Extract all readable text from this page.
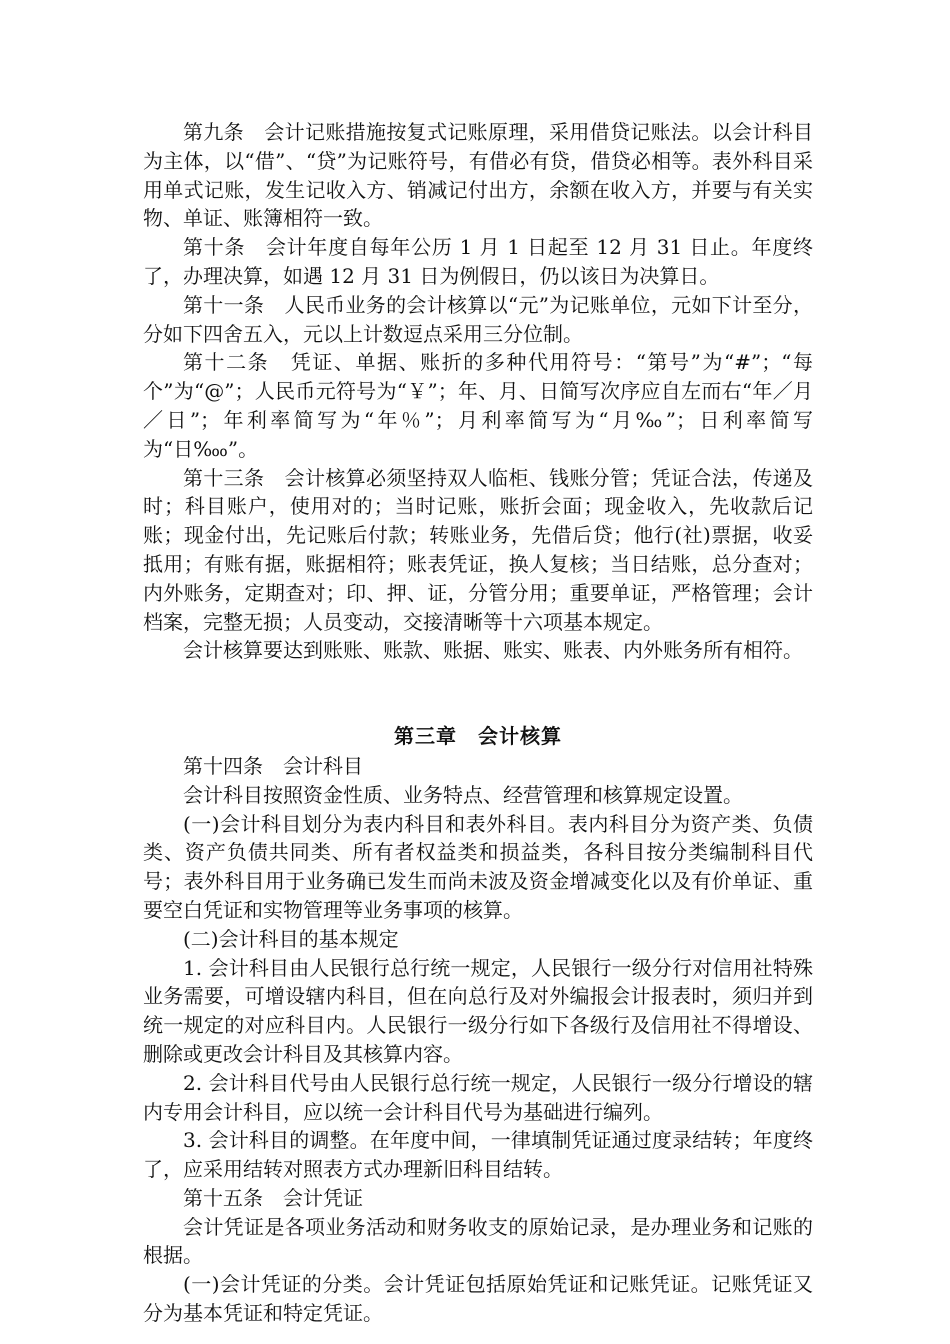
第九条　会计记账措施按复式记账原理，采用借贷记账法。以会计科目为主体，以“借”、“贷”为记账符号，有借必有贷，借贷必相等。表外科目采用单式记账，发生记收入方、销减记付出方，余额在收入方，并要与有关实物、单证、账簿相符一致。

第十条　会计年度自每年公历 1 月 1 日起至 12 月 31 日止。年度终了，办理决算，如遇 12 月 31 日为例假日，仍以该日为决算日。

第十一条　人民币业务的会计核算以“元”为记账单位，元如下计至分，分如下四舍五入，元以上计数逗点采用三分位制。

第十二条　凭证、单据、账折的多种代用符号：“第号”为“#”；“每个”为“@”；人民币元符号为“￥”；年、月、日简写次序应自左而右“年／月／日”；年利率简写为“年％”；月利率简写为“月‰”；日利率简写为“日‱”。

第十三条　会计核算必须坚持双人临柜、钱账分管；凭证合法，传递及时；科目账户，使用对的；当时记账，账折会面；现金收入，先收款后记账；现金付出，先记账后付款；转账业务，先借后贷；他行(社)票据，收妥抵用；有账有据，账据相符；账表凭证，换人复核；当日结账，总分查对；内外账务，定期查对；印、押、证，分管分用；重要单证，严格管理；会计档案，完整无损；人员变动，交接清晰等十六项基本规定。

会计核算要达到账账、账款、账据、账实、账表、内外账务所有相符。

第三章　会计核算

第十四条　会计科目

会计科目按照资金性质、业务特点、经营管理和核算规定设置。

(一)会计科目划分为表内科目和表外科目。表内科目分为资产类、负债类、资产负债共同类、所有者权益类和损益类，各科目按分类编制科目代号；表外科目用于业务确已发生而尚未波及资金增减变化以及有价单证、重要空白凭证和实物管理等业务事项的核算。

(二)会计科目的基本规定

1. 会计科目由人民银行总行统一规定，人民银行一级分行对信用社特殊业务需要，可增设辖内科目，但在向总行及对外编报会计报表时，须归并到统一规定的对应科目内。人民银行一级分行如下各级行及信用社不得增设、删除或更改会计科目及其核算内容。

2. 会计科目代号由人民银行总行统一规定，人民银行一级分行增设的辖内专用会计科目，应以统一会计科目代号为基础进行编列。

3. 会计科目的调整。在年度中间，一律填制凭证通过度录结转；年度终了，应采用结转对照表方式办理新旧科目结转。

第十五条　会计凭证

会计凭证是各项业务活动和财务收支的原始记录，是办理业务和记账的根据。

(一)会计凭证的分类。会计凭证包括原始凭证和记账凭证。记账凭证又分为基本凭证和特定凭证。
